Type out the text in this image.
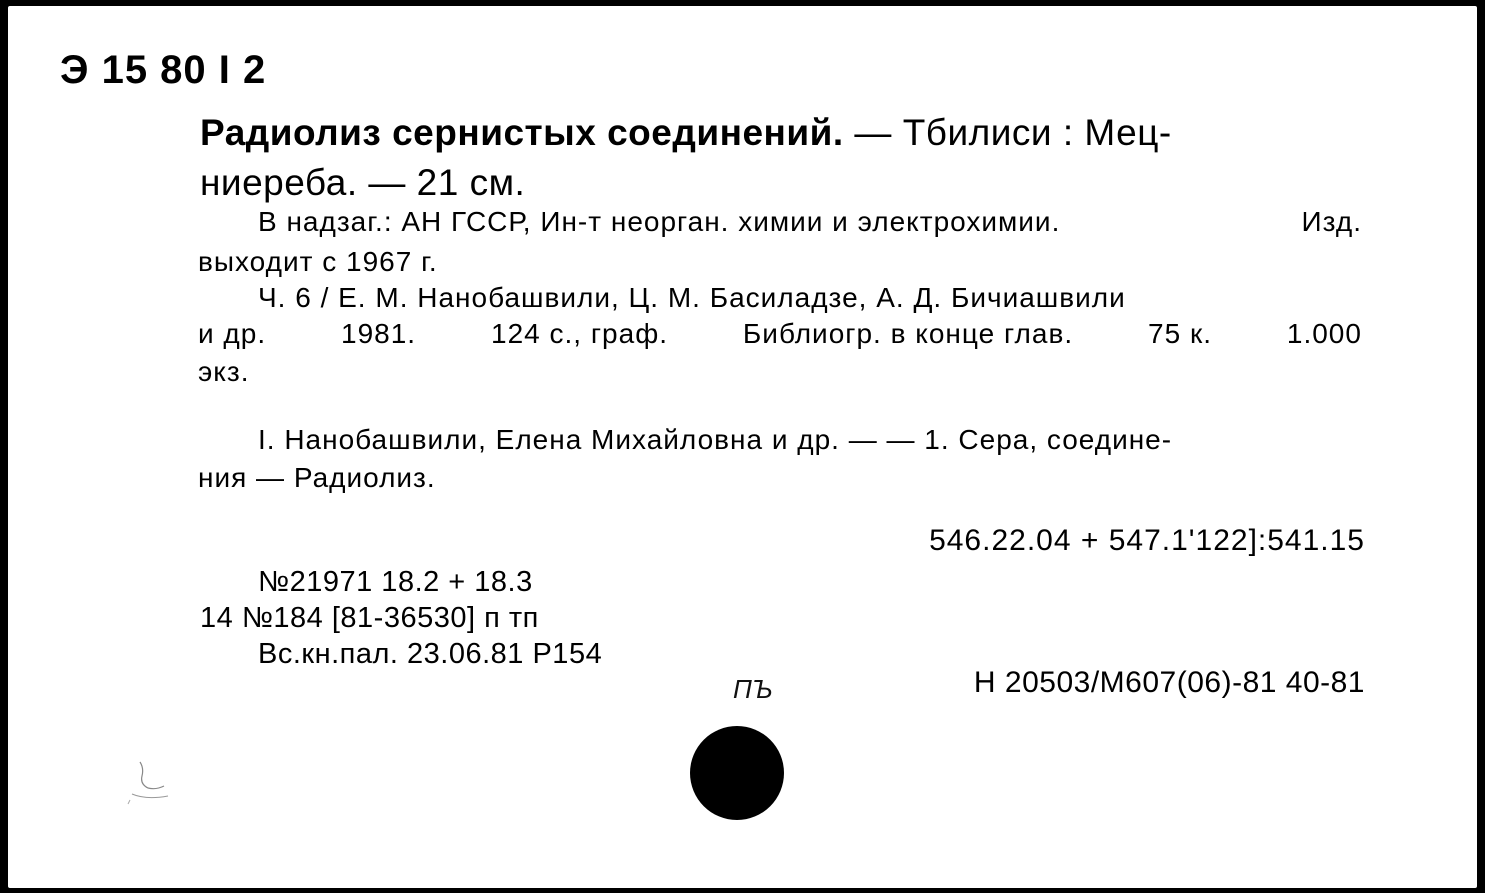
Э 15 80 I 2
Радиолиз сернистых соединений. — Тбилиси : Мец-
ниереба. — 21 см.
В надзаг.: АН ГССР, Ин-т неорган. химии и электрохимии.	Изд.
выходит с 1967 г.
Ч. 6 / Е. М. Нанобашвили, Ц. М. Басиладзе, А. Д. Бичиашвили
и др.	1981.	124 с., граф.	Библиогр. в конце глав.	75 к.	1.000
экз.
I. Нанобашвили, Елена Михайловна и др. — — 1. Сера, соедине-
ния — Радиолиз.
546.22.04 + 547.1'122]:541.15
№21971 18.2 + 18.3
14 №184 [81-36530] п тп
Вс.кн.пал. 23.06.81 Р154
Н 20503/М607(06)-81 40-81
ПЪ
